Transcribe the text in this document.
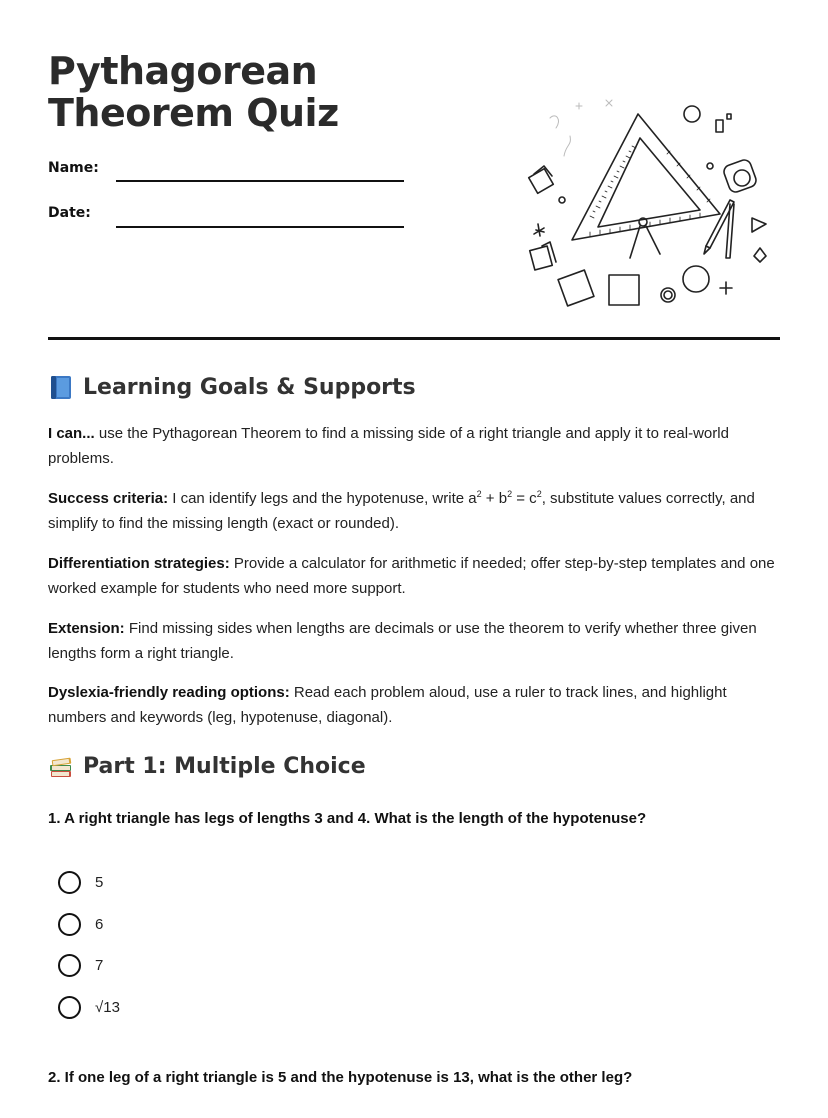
Pythagorean Theorem Quiz
Name:
Date:
Learning Goals & Supports

I can... use the Pythagorean Theorem to find a missing side of a right triangle and apply it to real-world problems.

Success criteria: I can identify legs and the hypotenuse, write $a^2 + b^2 = c^2$, substitute values correctly, and simplify to find the missing length (exact or rounded).

Differentiation strategies: Provide a calculator for arithmetic if needed; offer step-by-step templates and one worked example for students who need more support.

Extension: Find missing sides when lengths are decimals or use the theorem to verify whether three given lengths form a right triangle.

Dyslexia-friendly reading options: Read each problem aloud, use a ruler to track lines, and highlight numbers and keywords (leg, hypotenuse, diagonal).

Part 1: Multiple Choice

1. A right triangle has legs of lengths 3 and 4. What is the length of the hypotenuse?

5
6
7
√13

2. If one leg of a right triangle is 5 and the hypotenuse is 13, what is the other leg?
